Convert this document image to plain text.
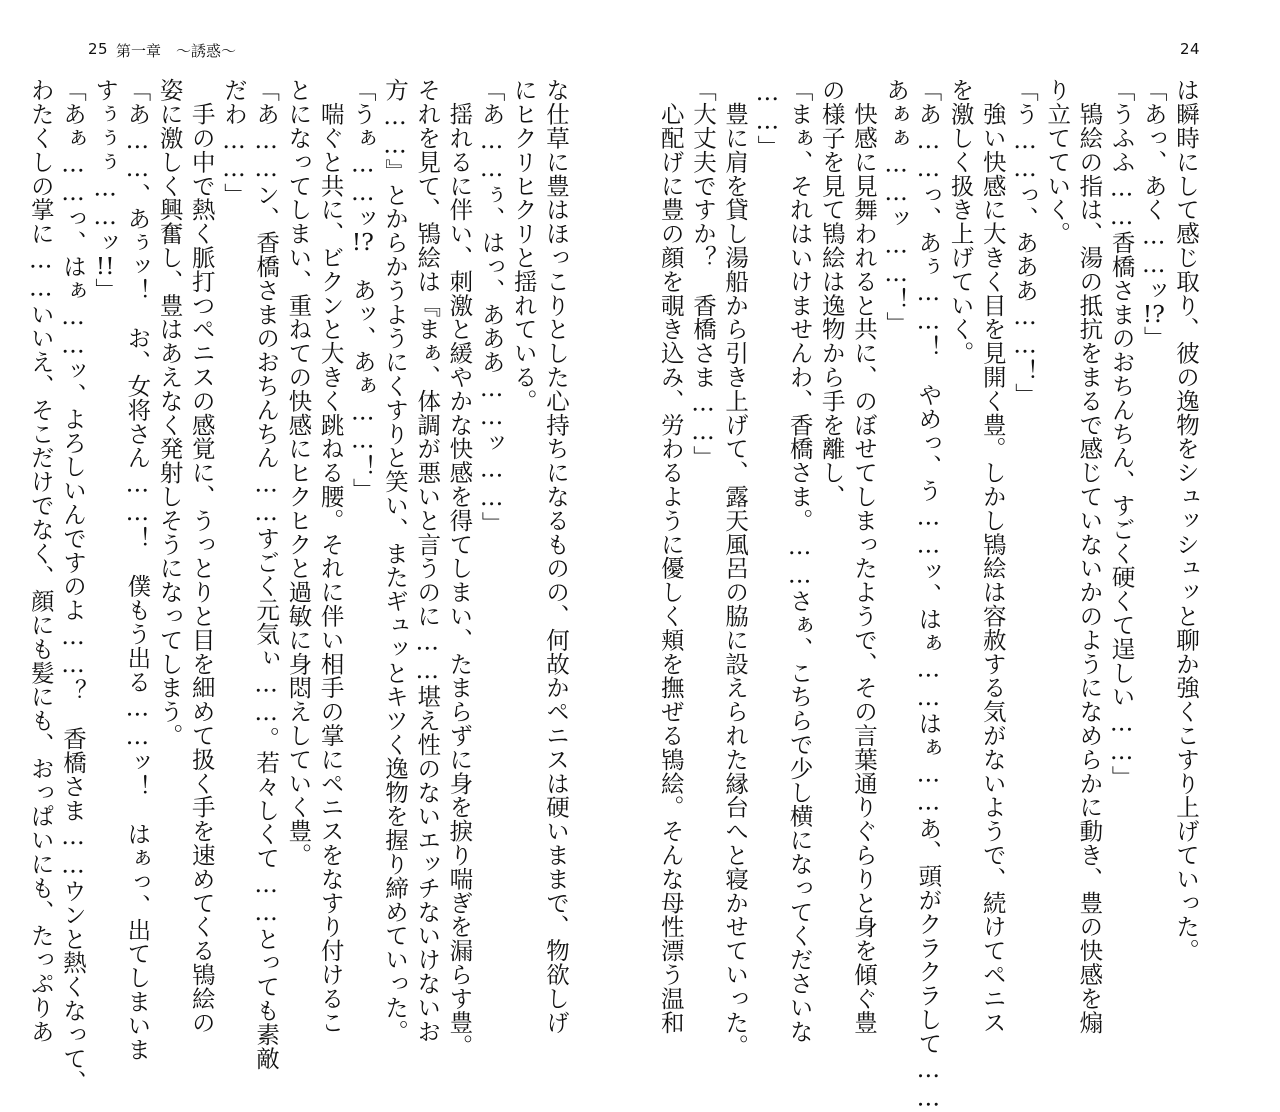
25 第一章　〜誘惑〜	24

は瞬時にして感じ取り、彼の逸物をシュッシュッと聊か強くこすり上げていった。

「あっ、あく……ッ!?」

「うふふ……香橋さまのおちんちん、すごく硬くて逞しい……」

　鴇絵の指は、湯の抵抗をまるで感じていないかのようになめらかに動き、豊の快感を煽

り立てていく。

「う……っ、あああ……！」

　強い快感に大きく目を見開く豊。しかし鴇絵は容赦する気がないようで、続けてペニス

を激しく扱き上げていく。

「あ……っ、あぅ……！　やめっ、う……ッ、はぁ……はぁ……あ、頭がクラクラして……

あぁぁ……ッ……！」

　快感に見舞われると共に、のぼせてしまったようで、その言葉通りぐらりと身を傾ぐ豊

の様子を見て鴇絵は逸物から手を離し、

「まぁ、それはいけませんわ、香橋さま。……さぁ、こちらで少し横になってくださいな

……」

　豊に肩を貸し湯船から引き上げて、露天風呂の脇に設えられた縁台へと寝かせていった。

「大丈夫ですか？　香橋さま……」

　心配げに豊の顔を覗き込み、労わるように優しく頬を撫ぜる鴇絵。そんな母性漂う温和

な仕草に豊はほっこりとした心持ちになるものの、何故かペニスは硬いままで、物欲しげ

にヒクリヒクリと揺れている。

「あ……ぅ、はっ、あああ……ッ……」

　揺れるに伴い、刺激と緩やかな快感を得てしまい、たまらずに身を捩り喘ぎを漏らす豊。

それを見て、鴇絵は『まぁ、体調が悪いと言うのに……堪え性のないエッチないけないお

方……』とからかうようにくすりと笑い、またギュッとキツく逸物を握り締めていった。

「うぁ……ッ!?　あッ、あぁ……！」

　喘ぐと共に、ビクンと大きく跳ねる腰。それに伴い相手の掌にペニスをなすり付けるこ

とになってしまい、重ねての快感にヒクヒクと過敏に身悶えしていく豊。

「あ……ン、香橋さまのおちんちん……すごく元気ぃ……。若々しくて……とっても素敵

だわ……」

　手の中で熱く脈打つペニスの感覚に、うっとりと目を細めて扱く手を速めてくる鴇絵の

姿に激しく興奮し、豊はあえなく発射しそうになってしまう。

「あ……、あぅッ！　お、女将さん……！　僕もう出る……ッ！　はぁっ、出てしまいま

すぅぅぅ……ッ!!」

「あぁ……っ、はぁ……ッ、よろしいんですのよ……？　香橋さま……ウンと熱くなって、

わたくしの掌に……いいえ、そこだけでなく、顔にも髪にも、おっぱいにも、たっぷりあ
